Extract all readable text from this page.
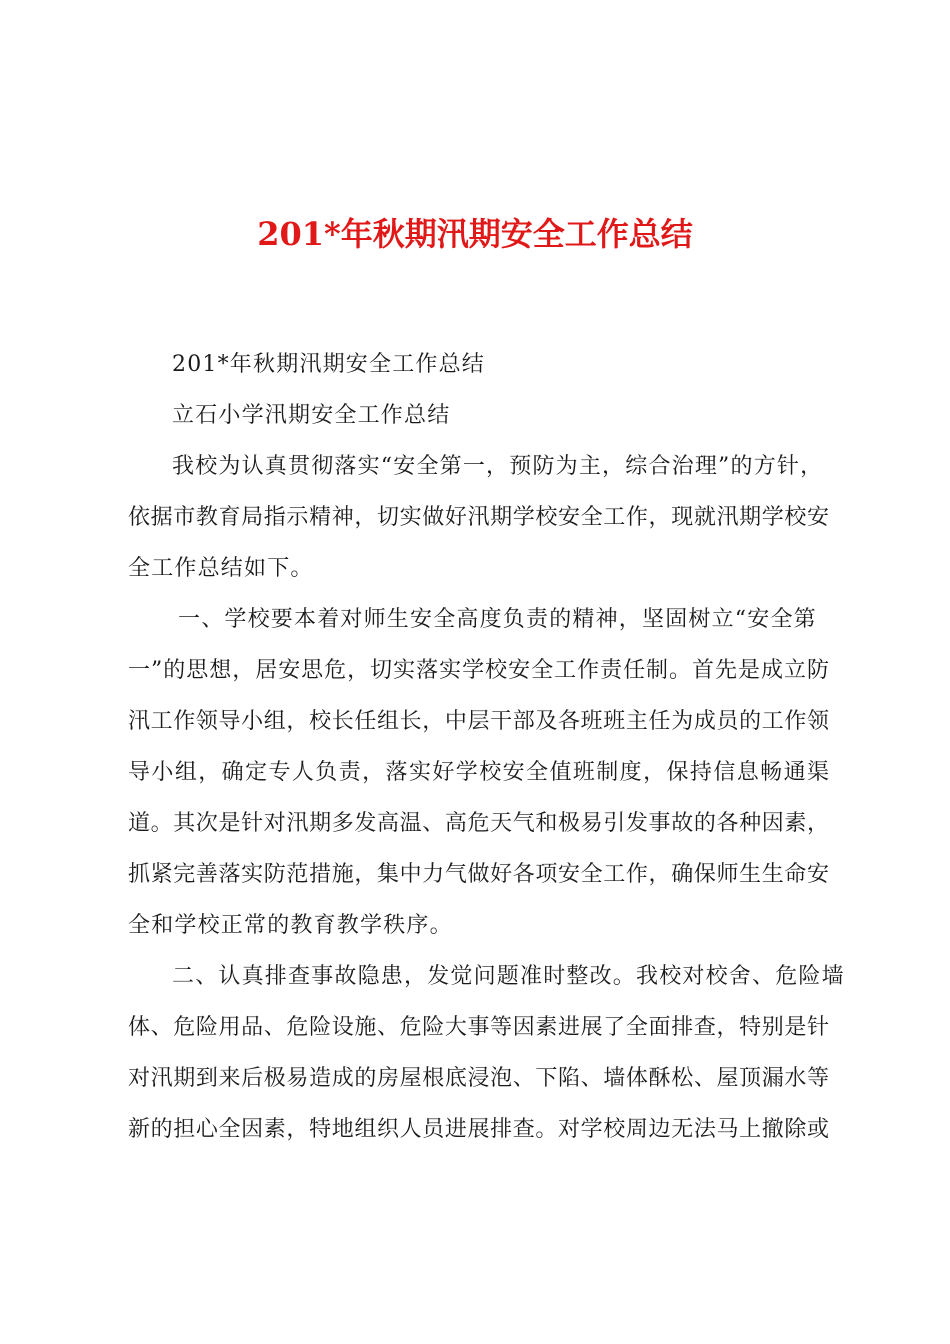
201*年秋期汛期安全工作总结
201*年秋期汛期安全工作总结
立石小学汛期安全工作总结
我校为认真贯彻落实“安全第一，预防为主，综合治理”的方针，
依据市教育局指示精神，切实做好汛期学校安全工作，现就汛期学校安
全工作总结如下。
一、学校要本着对师生安全高度负责的精神，坚固树立“安全第
一”的思想，居安思危，切实落实学校安全工作责任制。首先是成立防
汛工作领导小组，校长任组长，中层干部及各班班主任为成员的工作领
导小组，确定专人负责，落实好学校安全值班制度，保持信息畅通渠
道。其次是针对汛期多发高温、高危天气和极易引发事故的各种因素，
抓紧完善落实防范措施，集中力气做好各项安全工作，确保师生生命安
全和学校正常的教育教学秩序。
二、认真排查事故隐患，发觉问题准时整改。我校对校舍、危险墙
体、危险用品、危险设施、危险大事等因素进展了全面排查，特别是针
对汛期到来后极易造成的房屋根底浸泡、下陷、墙体酥松、屋顶漏水等
新的担心全因素，特地组织人员进展排查。对学校周边无法马上撤除或
